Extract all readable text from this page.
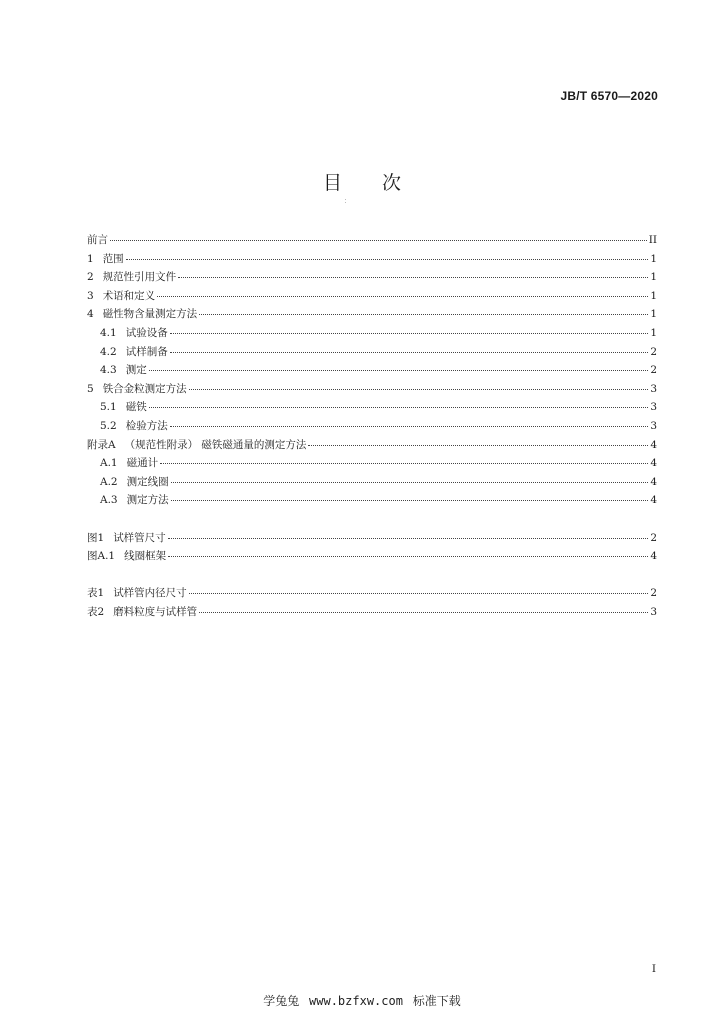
JB/T 6570—2020
目次
：
前言	II
1 范围	1
2 规范性引用文件	1
3 术语和定义	1
4 磁性物含量测定方法	1
4.1 试验设备	1
4.2 试样制备	2
4.3 测定	2
5 铁合金粒测定方法	3
5.1 磁铁	3
5.2 检验方法	3
附录A （规范性附录） 磁铁磁通量的测定方法	4
A.1 磁通计	4
A.2 测定线圈	4
A.3 测定方法	4
图1 试样管尺寸	2
图A.1 线圈框架	4
表1 试样管内径尺寸	2
表2 磨料粒度与试样管	3
I
学兔兔 www.bzfxw.com 标准下载
